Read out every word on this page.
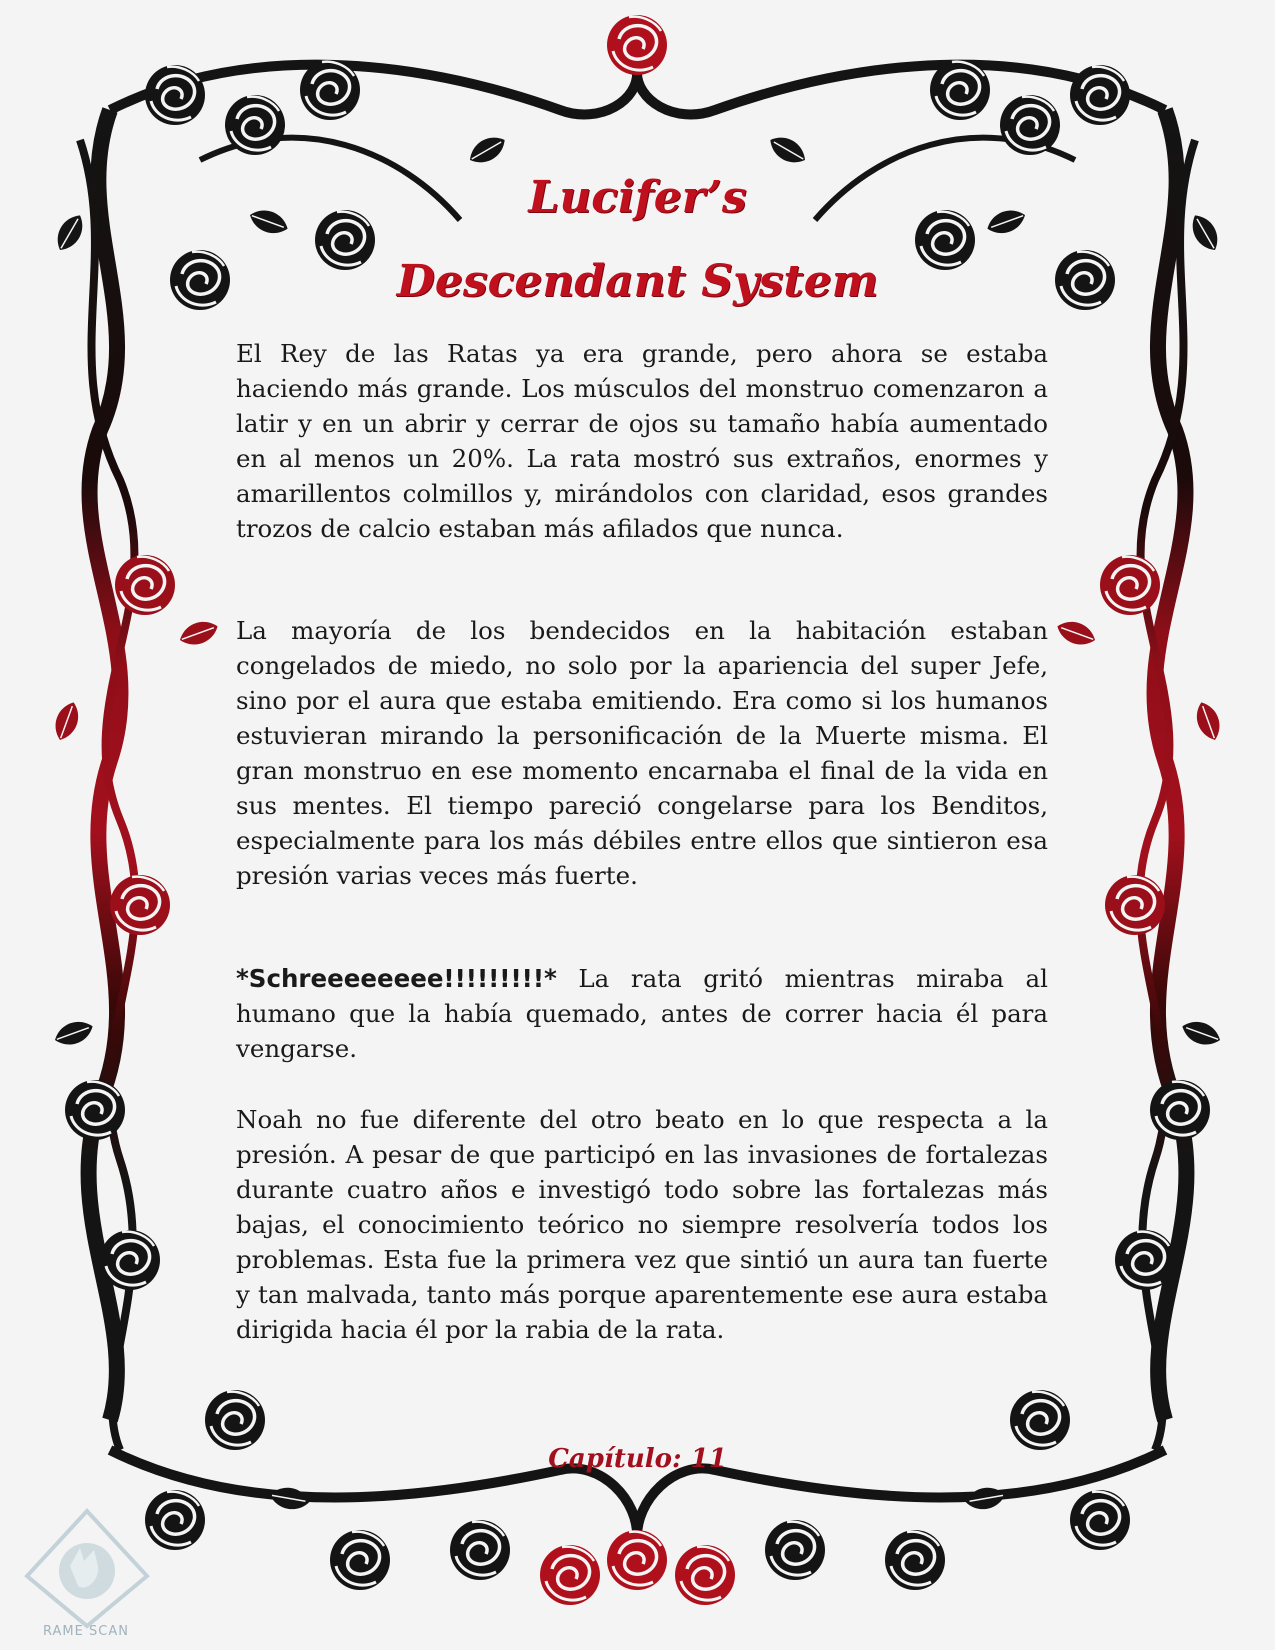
Lucifer’s
Descendant System

El Rey de las Ratas ya era grande, pero ahora se estaba haciendo más grande. Los músculos del monstruo comenzaron a latir y en un abrir y cerrar de ojos su tamaño había aumentado en al menos un 20%. La rata mostró sus extraños, enormes y amarillentos colmillos y, mirándolos con claridad, esos grandes trozos de calcio estaban más afilados que nunca.

La mayoría de los bendecidos en la habitación estaban congelados de miedo, no solo por la apariencia del super Jefe, sino por el aura que estaba emitiendo. Era como si los humanos estuvieran mirando la personificación de la Muerte misma. El gran monstruo en ese momento encarnaba el final de la vida en sus mentes. El tiempo pareció congelarse para los Benditos, especialmente para los más débiles entre ellos que sintieron esa presión varias veces más fuerte.

*Schreeeeeeee!!!!!!!!!* La rata gritó mientras miraba al humano que la había quemado, antes de correr hacia él para vengarse.

Noah no fue diferente del otro beato en lo que respecta a la presión. A pesar de que participó en las invasiones de fortalezas durante cuatro años e investigó todo sobre las fortalezas más bajas, el conocimiento teórico no siempre resolvería todos los problemas. Esta fue la primera vez que sintió un aura tan fuerte y tan malvada, tanto más porque aparentemente ese aura estaba dirigida hacia él por la rabia de la rata.

Capítulo: 11
RAME SCAN
